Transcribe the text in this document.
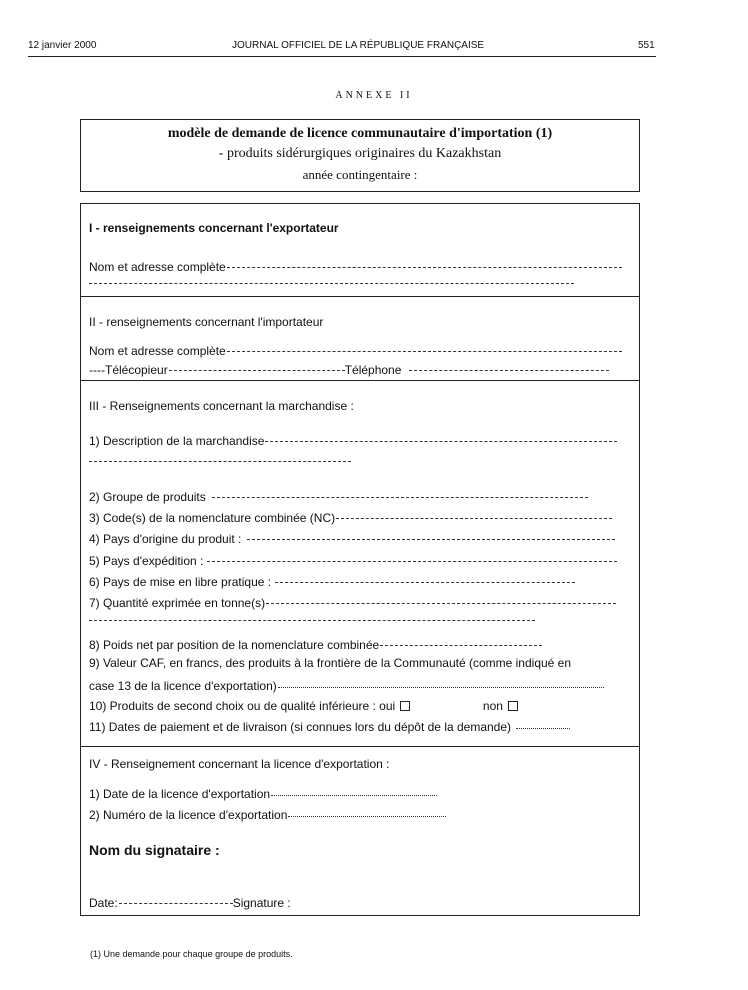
12 janvier 2000	JOURNAL OFFICIEL DE LA RÉPUBLIQUE FRANÇAISE	551
ANNEXE II
modèle de demande de licence communautaire d'importation (1)
- produits sidérurgiques originaires du Kazakhstan
année contingentaire :
I - renseignements concernant l'exportateur
Nom et adresse complète
II - renseignements concernant l'importateur
Nom et adresse complète
----Télécopieur	Téléphone
III - Renseignements concernant la marchandise :
1) Description de la marchandise
2) Groupe de produits
3) Code(s) de la nomenclature combinée (NC)
4) Pays d'origine du produit :
5) Pays d'expédition :
6) Pays de mise en libre pratique :
7) Quantité exprimée en tonne(s)
8) Poids net par position de la nomenclature combinée
9) Valeur CAF, en francs, des produits à la frontière de la Communauté (comme indiqué en
case 13 de la licence d'exportation)
10) Produits de second choix ou de qualité inférieure : oui	non
11) Dates de paiement et de livraison (si connues lors du dépôt de la demande)
IV - Renseignement concernant la licence d'exportation :
1) Date de la licence d'exportation
2) Numéro de la licence d'exportation
Nom du signataire :
Date:	Signature :
(1) Une demande pour chaque groupe de produits.
